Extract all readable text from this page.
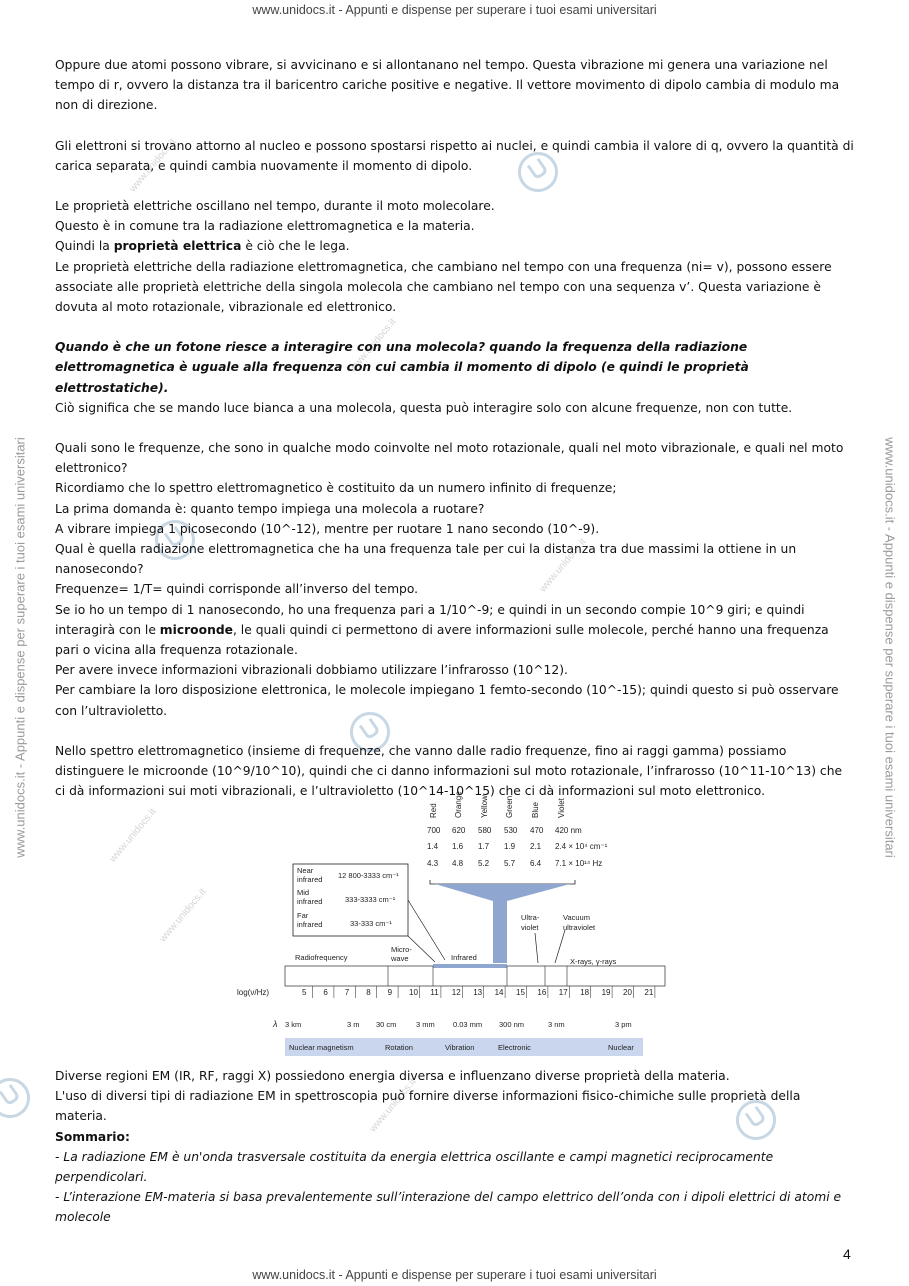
www.unidocs.it - Appunti e dispense per superare i tuoi esami universitari
www.unidocs.it - Appunti e dispense per superare i tuoi esami universitari
www.unidocs.it - Appunti e dispense per superare i tuoi esami universitari	www.unidocs.it - Appunti e dispense per superare i tuoi esami universitari
www.unidocs.it
www.unidocs.it
www.unidocs.it
www.unidocs.it
www.unidocs.it
www.unidocs.it

Oppure due atomi possono vibrare, si avvicinano e si allontanano nel tempo. Questa vibrazione mi genera una variazione nel tempo di r, ovvero la distanza tra il baricentro cariche positive e negative. Il vettore movimento di dipolo cambia di modulo ma non di direzione.

Gli elettroni si trovano attorno al nucleo e possono spostarsi rispetto ai nuclei, e quindi cambia il valore di q, ovvero la quantità di carica separata, e quindi cambia nuovamente il momento di dipolo.

Le proprietà elettriche oscillano nel tempo, durante il moto molecolare.

Questo è in comune tra la radiazione elettromagnetica e la materia.

Quindi la proprietà elettrica è ciò che le lega.

Le proprietà elettriche della radiazione elettromagnetica, che cambiano nel tempo con una frequenza (ni= v), possono essere associate alle proprietà elettriche della singola molecola che cambiano nel tempo con una sequenza v’. Questa variazione è dovuta al moto rotazionale, vibrazionale ed elettronico.

Quando è che un fotone riesce a interagire con una molecola? quando la frequenza della radiazione elettromagnetica è uguale alla frequenza con cui cambia il momento di dipolo (e quindi le proprietà elettrostatiche).

Ciò significa che se mando luce bianca a una molecola, questa può interagire solo con alcune frequenze, non con tutte.

Quali sono le frequenze, che sono in qualche modo coinvolte nel moto rotazionale, quali nel moto vibrazionale, e quali nel moto elettronico?

Ricordiamo che lo spettro elettromagnetico è costituito da un numero infinito di frequenze;

La prima domanda è: quanto tempo impiega una molecola a ruotare?

A vibrare impiega 1 picosecondo (10^-12), mentre per ruotare 1 nano secondo (10^-9).

Qual è quella radiazione elettromagnetica che ha una frequenza tale per cui la distanza tra due massimi la ottiene in un nanosecondo?

Frequenze= 1/T= quindi corrisponde all’inverso del tempo.

Se io ho un tempo di 1 nanosecondo, ho una frequenza pari a 1/10^-9; e quindi in un secondo compie 10^9 giri; e quindi interagirà con le microonde, le quali quindi ci permettono di avere informazioni sulle molecole, perché hanno una frequenza pari o vicina alla frequenza rotazionale.

Per avere invece informazioni vibrazionali dobbiamo utilizzare l’infrarosso (10^12).

Per cambiare la loro disposizione elettronica, le molecole impiegano 1 femto-secondo (10^-15); quindi questo si può osservare con l’ultravioletto.

Nello spettro elettromagnetico (insieme di frequenze, che vanno dalle radio frequenze, fino ai raggi gamma) possiamo distinguere le microonde (10^9/10^10), quindi che ci danno informazioni sul moto rotazionale, l’infrarosso (10^11-10^13) che ci dà informazioni sui moti vibrazionali, e l’ultravioletto (10^14-10^15) che ci dà informazioni sul moto elettronico.

Red Orange Yellow Green Blue Violet
700 620 580 530 470 420 nm
1.4 1.6 1.7 1.9 2.1 2.4 × 10⁴ cm⁻¹
4.3 4.8 5.2 5.7 6.4 7.1 × 10¹⁴ Hz
Near
infrared 12 800-3333 cm⁻¹
Mid
infrared	333-3333 cm⁻¹
Far
infrared	33-333 cm⁻¹
Radiofrequency
Micro-
wave	Infrared
Ultra-
violet
Vacuum
ultraviolet
X-rays, γ-rays
log(ν/Hz)	5 6 7 8 9 10 11 12 13 14 15 16 17 18 19 20 21
λ 3 km	3 m 30 cm	3 mm 0.03 mm 300 nm	3 nm	3 pm
Nuclear magnetism	Rotation	Vibration	Electronic	Nuclear

Diverse regioni EM (IR, RF, raggi X) possiedono energia diversa e influenzano diverse proprietà della materia.

L'uso di diversi tipi di radiazione EM in spettroscopia può fornire diverse informazioni fisico-chimiche sulle proprietà della materia.

Sommario:

- La radiazione EM è un'onda trasversale costituita da energia elettrica oscillante e campi magnetici reciprocamente perpendicolari.

- L’interazione EM-materia si basa prevalentemente sull’interazione del campo elettrico dell’onda con i dipoli elettrici di atomi e molecole

4
